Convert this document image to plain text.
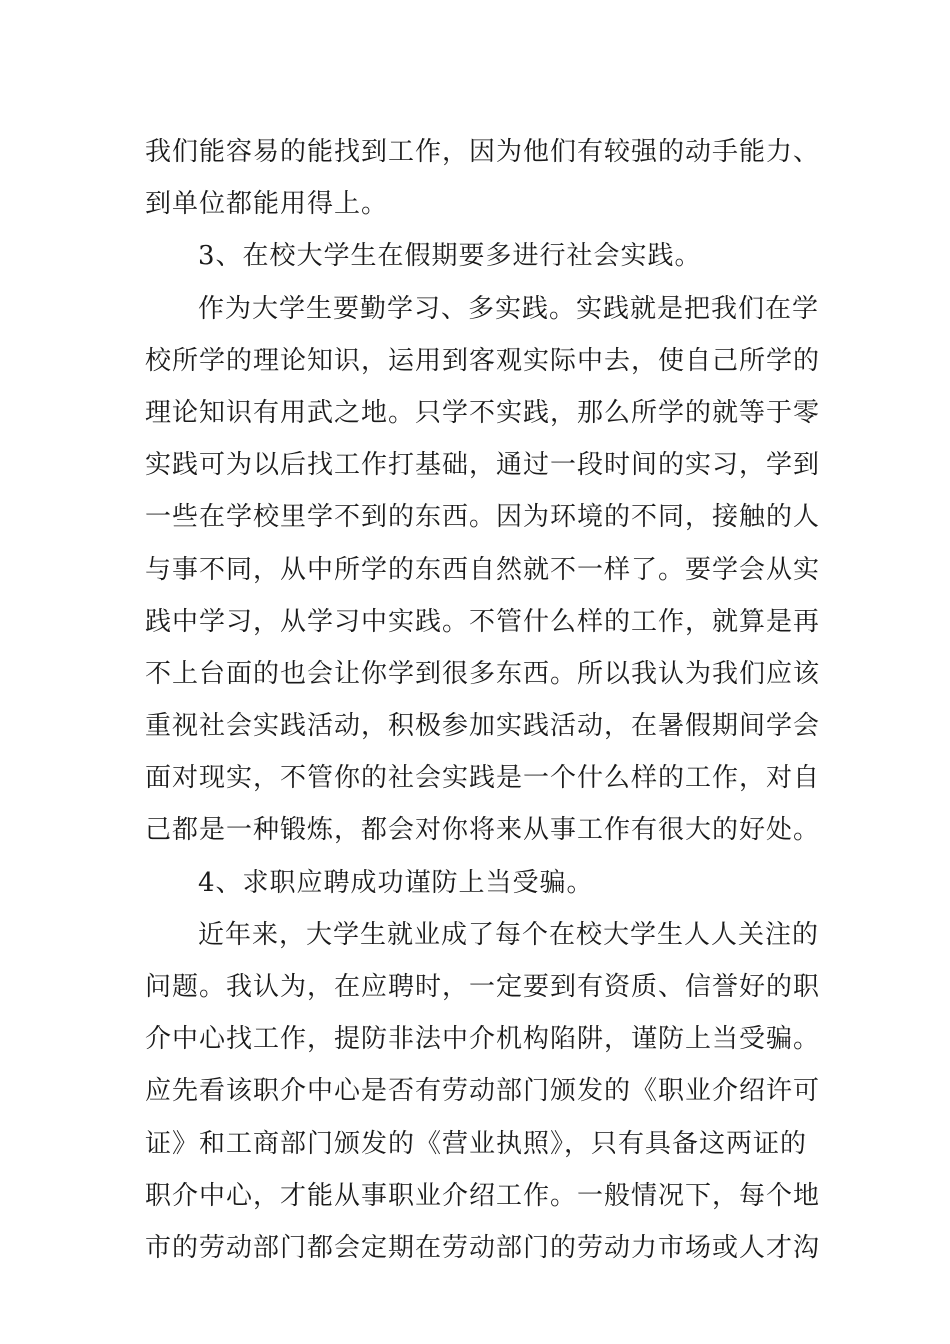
我们能容易的能找到工作，因为他们有较强的动手能力、
到单位都能用得上。
3、在校大学生在假期要多进行社会实践。
作为大学生要勤学习、多实践。实践就是把我们在学
校所学的理论知识，运用到客观实际中去，使自己所学的
理论知识有用武之地。只学不实践，那么所学的就等于零
实践可为以后找工作打基础，通过一段时间的实习，学到
一些在学校里学不到的东西。因为环境的不同，接触的人
与事不同，从中所学的东西自然就不一样了。要学会从实
践中学习，从学习中实践。不管什么样的工作，就算是再
不上台面的也会让你学到很多东西。所以我认为我们应该
重视社会实践活动，积极参加实践活动，在暑假期间学会
面对现实，不管你的社会实践是一个什么样的工作，对自
己都是一种锻炼，都会对你将来从事工作有很大的好处。
4、求职应聘成功谨防上当受骗。
近年来，大学生就业成了每个在校大学生人人关注的
问题。我认为，在应聘时，一定要到有资质、信誉好的职
介中心找工作，提防非法中介机构陷阱，谨防上当受骗。
应先看该职介中心是否有劳动部门颁发的《职业介绍许可
证》和工商部门颁发的《营业执照》，只有具备这两证的
职介中心，才能从事职业介绍工作。一般情况下，每个地
市的劳动部门都会定期在劳动部门的劳动力市场或人才沟
